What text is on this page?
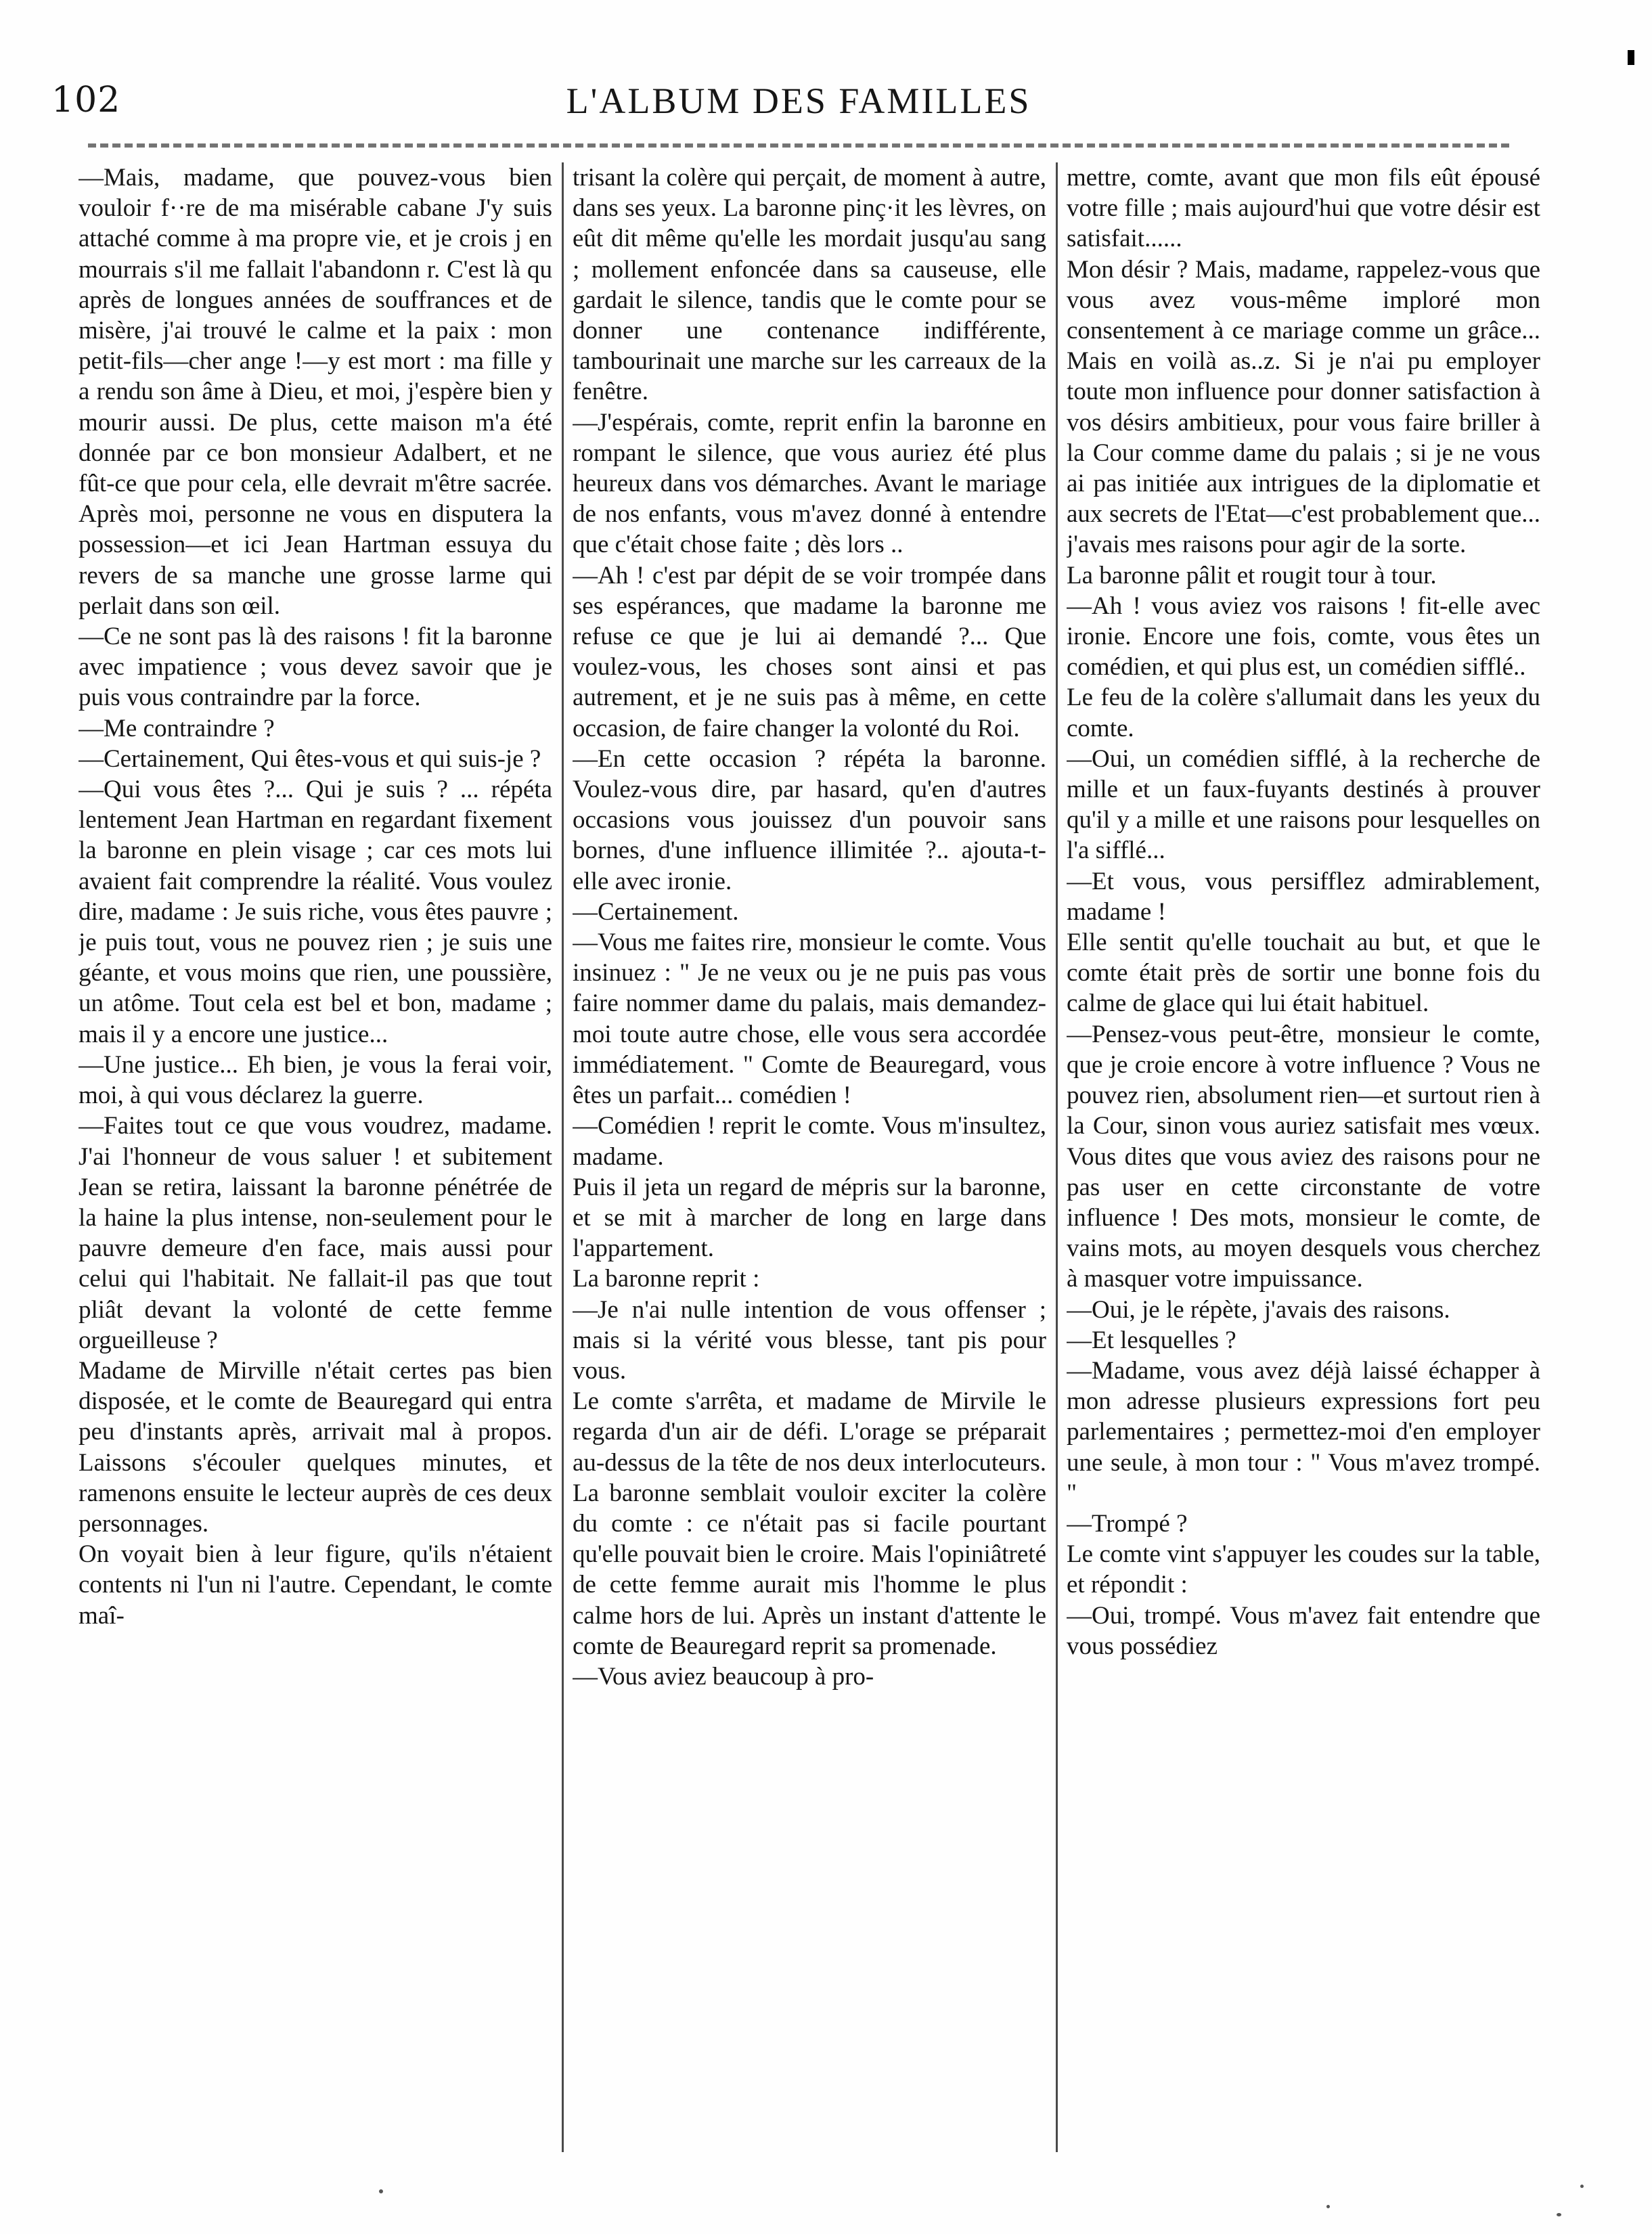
102	L'ALBUM DES FAMILLES

—Mais, madame, que pouvez-vous bien vouloir f··re de ma misérable cabane J'y suis attaché comme à ma propre vie, et je crois j en mourrais s'il me fallait l'abandonn r. C'est là qu après de longues années de souffrances et de misère, j'ai trouvé le calme et la paix : mon petit-fils—cher ange !—y est mort : ma fille y a rendu son âme à Dieu, et moi, j'espère bien y mourir aussi. De plus, cette maison m'a été donnée par ce bon monsieur Adalbert, et ne fût-ce que pour cela, elle devrait m'être sacrée. Après moi, personne ne vous en disputera la possession—et ici Jean Hartman essuya du revers de sa manche une grosse larme qui perlait dans son œil.

—Ce ne sont pas là des raisons ! fit la baronne avec impatience ; vous devez savoir que je puis vous contraindre par la force.

—Me contraindre ?

—Certainement, Qui êtes-vous et qui suis-je ?

—Qui vous êtes ?... Qui je suis ? ... répéta lentement Jean Hartman en regardant fixement la baronne en plein visage ; car ces mots lui avaient fait comprendre la réalité. Vous voulez dire, madame : Je suis riche, vous êtes pauvre ; je puis tout, vous ne pouvez rien ; je suis une géante, et vous moins que rien, une poussière, un atôme. Tout cela est bel et bon, madame ; mais il y a encore une justice...

—Une justice... Eh bien, je vous la ferai voir, moi, à qui vous déclarez la guerre.

—Faites tout ce que vous voudrez, madame. J'ai l'honneur de vous saluer ! et subitement Jean se retira, laissant la baronne pénétrée de la haine la plus intense, non-seulement pour le pauvre demeure d'en face, mais aussi pour celui qui l'habitait. Ne fallait-il pas que tout pliât devant la volonté de cette femme orgueilleuse ?

Madame de Mirville n'était certes pas bien disposée, et le comte de Beauregard qui entra peu d'instants après, arrivait mal à propos. Laissons s'écouler quelques minutes, et ramenons ensuite le lecteur auprès de ces deux personnages.

On voyait bien à leur figure, qu'ils n'étaient contents ni l'un ni l'autre. Cependant, le comte maî-

trisant la colère qui perçait, de moment à autre, dans ses yeux. La baronne pinç·it les lèvres, on eût dit même qu'elle les mordait jusqu'au sang ; mollement enfoncée dans sa causeuse, elle gardait le silence, tandis que le comte pour se donner une contenance indifférente, tambourinait une marche sur les carreaux de la fenêtre.

—J'espérais, comte, reprit enfin la baronne en rompant le silence, que vous auriez été plus heureux dans vos démarches. Avant le mariage de nos enfants, vous m'avez donné à entendre que c'était chose faite ; dès lors ..

—Ah ! c'est par dépit de se voir trompée dans ses espérances, que madame la baronne me refuse ce que je lui ai demandé ?... Que voulez-vous, les choses sont ainsi et pas autrement, et je ne suis pas à même, en cette occasion, de faire changer la volonté du Roi.

—En cette occasion ? répéta la baronne. Voulez-vous dire, par hasard, qu'en d'autres occasions vous jouissez d'un pouvoir sans bornes, d'une influence illimitée ?.. ajouta-t-elle avec ironie.

—Certainement.

—Vous me faites rire, monsieur le comte. Vous insinuez : " Je ne veux ou je ne puis pas vous faire nommer dame du palais, mais demandez-moi toute autre chose, elle vous sera accordée immédiatement. " Comte de Beauregard, vous êtes un parfait... comédien !

—Comédien ! reprit le comte. Vous m'insultez, madame.

Puis il jeta un regard de mépris sur la baronne, et se mit à marcher de long en large dans l'appartement.

La baronne reprit :

—Je n'ai nulle intention de vous offenser ; mais si la vérité vous blesse, tant pis pour vous.

Le comte s'arrêta, et madame de Mirvile le regarda d'un air de défi. L'orage se préparait au-dessus de la tête de nos deux interlocuteurs. La baronne semblait vouloir exciter la colère du comte : ce n'était pas si facile pourtant qu'elle pouvait bien le croire. Mais l'opiniâtreté de cette femme aurait mis l'homme le plus calme hors de lui. Après un instant d'attente le comte de Beauregard reprit sa promenade.

—Vous aviez beaucoup à pro-

mettre, comte, avant que mon fils eût épousé votre fille ; mais aujourd'hui que votre désir est satisfait......

Mon désir ? Mais, madame, rappelez-vous que vous avez vous-même imploré mon consentement à ce mariage comme un grâce... Mais en voilà as..z. Si je n'ai pu employer toute mon influence pour donner satisfaction à vos désirs ambitieux, pour vous faire briller à la Cour comme dame du palais ; si je ne vous ai pas initiée aux intrigues de la diplomatie et aux secrets de l'Etat—c'est probablement que... j'avais mes raisons pour agir de la sorte.

La baronne pâlit et rougit tour à tour.

—Ah ! vous aviez vos raisons ! fit-elle avec ironie. Encore une fois, comte, vous êtes un comédien, et qui plus est, un comédien sifflé..

Le feu de la colère s'allumait dans les yeux du comte.

—Oui, un comédien sifflé, à la recherche de mille et un faux-fuyants destinés à prouver qu'il y a mille et une raisons pour lesquelles on l'a sifflé...

—Et vous, vous persifflez admirablement, madame !

Elle sentit qu'elle touchait au but, et que le comte était près de sortir une bonne fois du calme de glace qui lui était habituel.

—Pensez-vous peut-être, monsieur le comte, que je croie encore à votre influence ? Vous ne pouvez rien, absolument rien—et surtout rien à la Cour, sinon vous auriez satisfait mes vœux. Vous dites que vous aviez des raisons pour ne pas user en cette circonstante de votre influence ! Des mots, monsieur le comte, de vains mots, au moyen desquels vous cherchez à masquer votre impuissance.

—Oui, je le répète, j'avais des raisons.

—Et lesquelles ?

—Madame, vous avez déjà laissé échapper à mon adresse plusieurs expressions fort peu parlementaires ; permettez-moi d'en employer une seule, à mon tour : " Vous m'avez trompé. "

—Trompé ?

Le comte vint s'appuyer les coudes sur la table, et répondit :

—Oui, trompé. Vous m'avez fait entendre que vous possédiez
